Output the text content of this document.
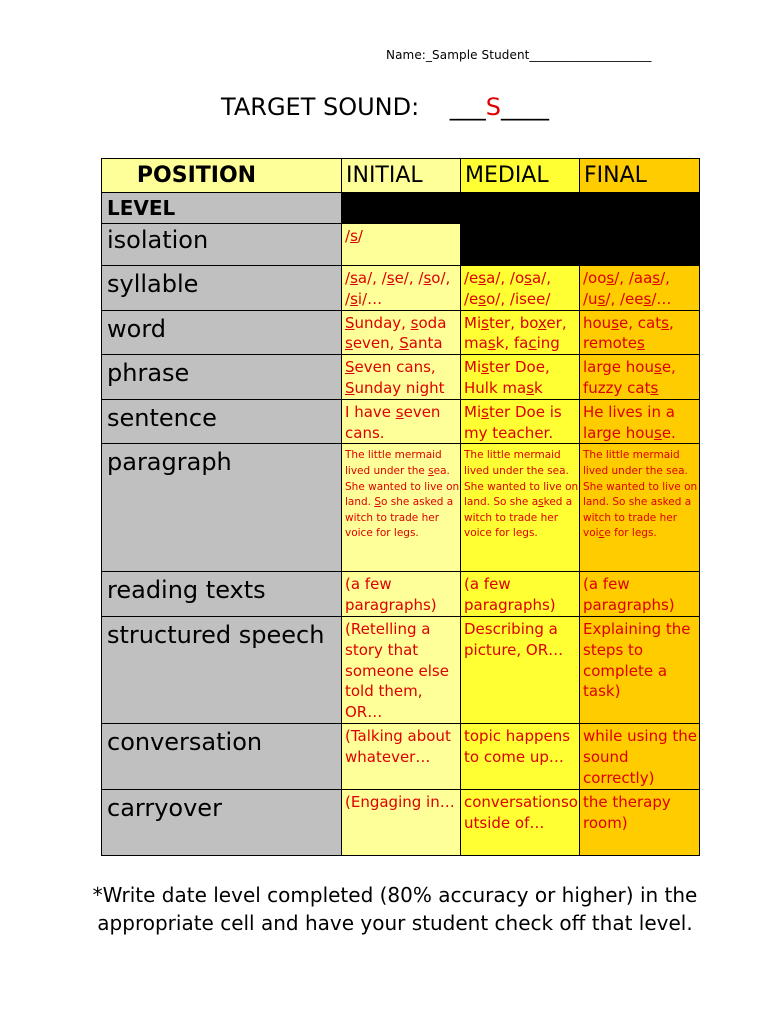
Name:_Sample Student____________________
TARGET SOUND: ___S____
POSITION	INITIAL	MEDIAL	FINAL
LEVEL			
isolation	/s/		
syllable	/sa/, /se/, /so/, /si/…	/esa/, /osa/, /eso/, /isee/	/oos/, /aas/, /us/, /ees/…
word	Sunday, soda seven, Santa	Mister, boxer, mask, facing	house, cats, remotes
phrase	Seven cans, Sunday night	Mister Doe, Hulk mask	large house, fuzzy cats
sentence	I have seven cans.	Mister Doe is my teacher.	He lives in a large house.
paragraph	The little mermaid lived under the sea. She wanted to live on land. So she asked a witch to trade her voice for legs.	The little mermaid lived under the sea. She wanted to live on land. So she asked a witch to trade her voice for legs.	The little mermaid lived under the sea. She wanted to live on land. So she asked a witch to trade her voice for legs.
reading texts	(a few paragraphs)	(a few paragraphs)	(a few paragraphs)
structured speech	(Retelling a story that someone else told them, OR…	Describing a picture, OR…	Explaining the steps to complete a task)
conversation	(Talking about whatever…	topic happens to come up…	while using the sound correctly)
carryover	(Engaging in…	conversationso utside of…	the therapy room)
*Write date level completed (80% accuracy or higher) in the appropriate cell and have your student check off that level.
